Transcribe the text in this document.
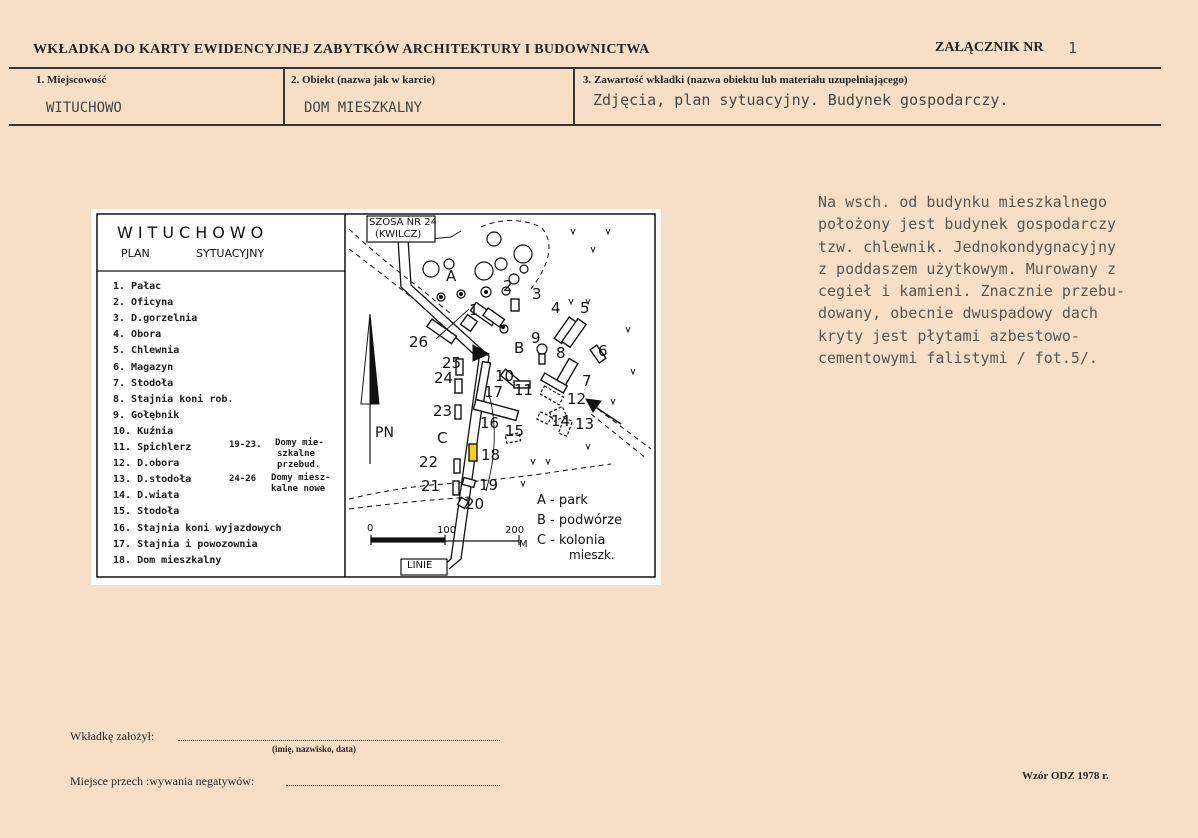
WKŁADKA DO KARTY EWIDENCYJNEJ ZABYTKÓW ARCHITEKTURY I BUDOWNICTWA	ZAŁĄCZNIK NR 1
1. Miejscowość
WITUCHOWO
2. Obiekt (nazwa jak w karcie)
DOM MIESZKALNY
3. Zawartość wkładki (nazwa obiektu lub materiału uzupełniającego)
Zdjęcia, plan sytuacyjny. Budynek gospodarczy.
Na wsch. od budynku mieszkalnego
położony jest budynek gospodarczy
tzw. chlewnik. Jednokondygnacyjny
z poddaszem użytkowym. Murowany z
cegieł i kamieni. Znacznie przebu-
dowany, obecnie dwuspadowy dach
kryty jest płytami azbestowo-
cementowymi falistymi / fot.5/.
WITUCHOWO
PLAN	SYTUACYJNY
1. Pałac
2. Oficyna
3. D.gorzelnia
4. Obora
5. Chlewnia
6. Magazyn
7. Stodoła
8. Stajnia koni rob.
9. Gołębnik
10. Kuźnia
11. Spichlerz
12. D.obora
13. D.stodoła
14. D.wiata
15. Stodoła
16. Stajnia koni wyjazdowych
17. Stajnia i powozownia
18. Dom mieszkalny
19-23. Domy mie-
szkalne
przebud.
24-26 Domy miesz-
kalne nowe
SZOSA NR 24
(KWILCZ)
LINIE
PN
0	100	200
M
A
B
C
A - park
B - podwórze
C - kolonia
mieszk.
1
2 3
4 5
6
7
8
9
10
11 12
13
14
15
16
17
18
19
20
21
22
23
24
25
26
Wkładkę założył:
(imię, nazwisko, data)
Miejsce przech :wywania negatywów:	Wzór ODZ 1978 r.
